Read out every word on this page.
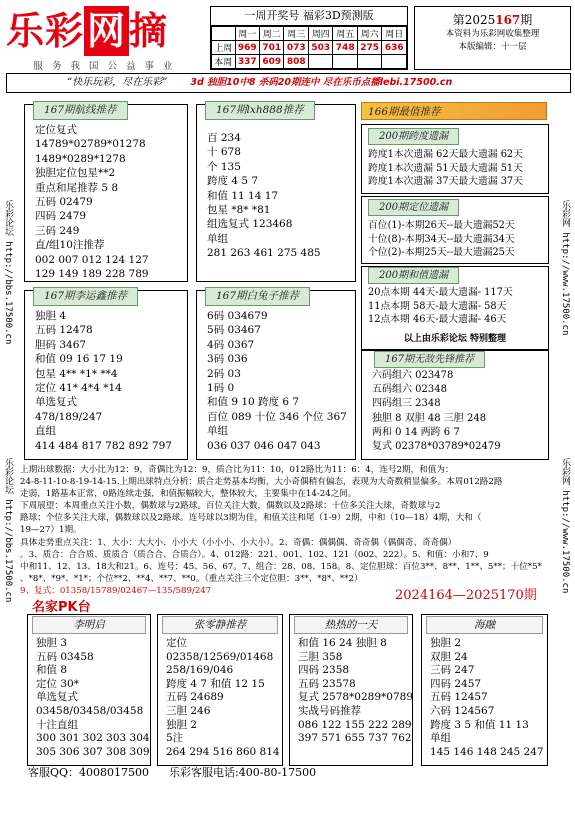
乐彩网摘
服 务 我 国 公 益 事 业
一周开奖号 福彩3D预测版
	周一	周二	周三	周四	周五	周六	周日
上周	969	701	073	503	748	275	636
本周	337	609	808				
第2025167期
本资料为乐彩网收集整理
本版编辑：十一层
“快乐玩彩，尽在乐彩” 3d 独胆10中8 杀码20期连中 尽在乐币点播lebi.17500.cn
乐彩论坛 http://bbs.17500.cn
乐彩论坛 http://bbs.17500.cn
乐彩网 http://www.17500.cn
乐彩网 http://www.17500.cn
167期航线推荐
定位复式
14789*02789*01278
1489*0289*1278
独胆定位包星**2
重点和尾推荐 5 8
五码 02479
四码 2479
三码 249
直/组10注推荐
002 007 012 124 127
129 149 189 228 789
167期lxh888推荐
百 234
十 678
个 135
跨度 4 5 7
和值 11 14 17
包星 *8* *81
组选复式 123468
单组
281 263 461 275 485
167期李运鑫推荐
独胆 4
五码 12478
胆码 3467
和值 09 16 17 19
包星 4** *1* **4
定位 41* 4*4 *14
单选复式
478/189/247
直组
414 484 817 782 892 797
167期白兔子推荐
6码 034679
5码 03467
4码 0367
3码 036
2码 03
1码 0
和值 9 10 跨度 6 7
百位 089 十位 346 个位 367
单组
036 037 046 047 043
166期最值推荐
200期跨度遗漏
跨度1本次遗漏 62天最大遗漏 62天
跨度1本次遗漏 51天最大遗漏 51天
跨度1本次遗漏 37天最大遗漏 37天
200期定位遗漏
百位(1)-本期26天--最大遗漏52天
十位(8)-本期34天--最大遗漏34天
个位(2)-本期25天--最大遗漏25天
200期和值遗漏
20点本期 44天-最大遗漏- 117天
11点本期 58天-最大遗漏- 58天
12点本期 46天-最大遗漏- 46天
以上由乐彩论坛 特别整理
167期无敌先锋推荐
六码组六 023478
五码组六 02348
四码组三 2348
独胆 8 双胆 48 三胆 248
两和 0 14 两跨 6 7
复式 02378*03789*02479
上期出球数据：大小比为12：9，奇偶比为12：9，质合比为11：10，012路比为11：6：4，连号2期，和值为：
24-8-11-10-8-19-14-15.上期出球特点分析：质合走势基本均衡，大小奇偶稍有偏态，表现为大奇数稍显偏多。本周012路2路
走弱，1路基本正常，0路连续走强，和值振幅较大，整体较大，主要集中在14-24之间。
下周展望：本周重点关注小数，偶数球与2路球。百位关注大数，偶数以及2路球；十位多关注大球，奇数球与2
路球；个位多关注大球，偶数球以及2路球。连号球以3期为佳，和值关注和尾（1-9）2期，中和（10—18）4期，大和（
19—27）1期。
具体走势重点关注：1、大小：大大小、小小大（小小小、小大小）。2、奇偶：偶偶偶、奇奇偶（偶偶奇、奇奇偶）
。3、质合：合合质、质质合（质合合、合质合）。4、012路：221、001、102、121（002、222）。5、和值：小和7、9
中和11、12、13、18大和21。6、连号：45、56、67。7、组合：28、08、158。8、定位胆球：百位3**、8**、1**、5**；十位*5*
、*8*、*9*、*1*；个位**2、**4、**7、**0。（重点关注三个定位胆：3**、*8*、**2）
9、复式：01358/15789/02467—135/589/247
名家PK台
2024164—2025170期
李明启
独胆 3
五码 03458
和值 8
定位 30*
单选复式
03458/03458/03458
十注直组
300 301 302 303 304
305 306 307 308 309
张零静推荐
定位
02358/12569/01468
258/169/046
跨度 4 7 和值 12 15
五码 24689
三胆 246
独胆 2
5注
264 294 516 860 814
热热的一天
和值 16 24 独胆 8
三胆 358
四码 2358
五码 23578
复式 2578*0289*0789
实战号码推荐
086 122 155 222 289
397 571 655 737 762
海融
独胆 2
双胆 24
三码 247
四码 2457
五码 12457
六码 124567
跨度 3 5 和值 11 13
单组
145 146 148 245 247
客服QQ：4008017500 乐彩客服电话:400-80-17500
